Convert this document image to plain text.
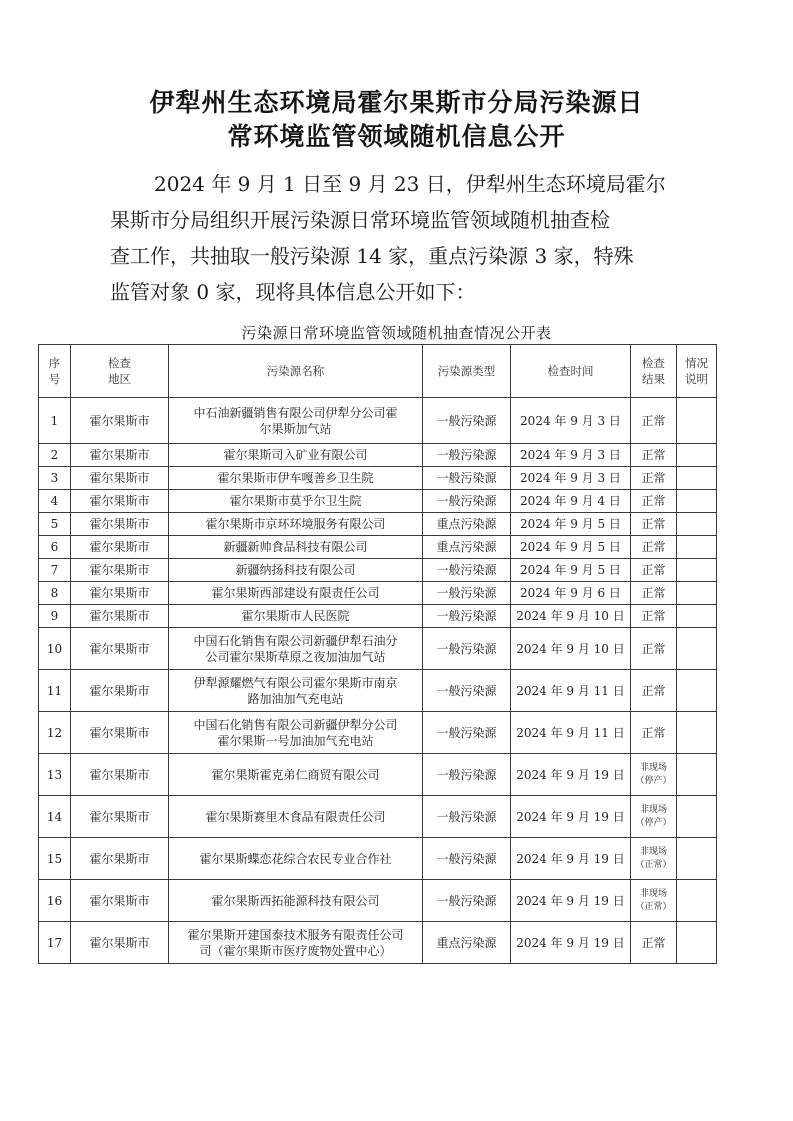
伊犁州生态环境局霍尔果斯市分局污染源日
常环境监管领域随机信息公开

2024 年 9 月 1 日至 9 月 23 日，伊犁州生态环境局霍尔
果斯市分局组织开展污染源日常环境监管领域随机抽查检
查工作，共抽取一般污染源 14 家，重点污染源 3 家，特殊
监管对象 0 家，现将具体信息公开如下：

污染源日常环境监管领域随机抽查情况公开表
序
号	检查
地区	污染源名称	污染源类型	检查时间	检查
结果	情况
说明

1	霍尔果斯市	中石油新疆销售有限公司伊犁分公司霍
尔果斯加气站	一般污染源	2024 年 9 月 3 日	正常	

2	霍尔果斯市	霍尔果斯司入矿业有限公司	一般污染源	2024 年 9 月 3 日	正常	

3	霍尔果斯市	霍尔果斯市伊车嘎善乡卫生院	一般污染源	2024 年 9 月 3 日	正常	

4	霍尔果斯市	霍尔果斯市莫乎尔卫生院	一般污染源	2024 年 9 月 4 日	正常	

5	霍尔果斯市	霍尔果斯市京环环境服务有限公司	重点污染源	2024 年 9 月 5 日	正常	

6	霍尔果斯市	新疆新帅食品科技有限公司	重点污染源	2024 年 9 月 5 日	正常	

7	霍尔果斯市	新疆纳扬科技有限公司	一般污染源	2024 年 9 月 5 日	正常	

8	霍尔果斯市	霍尔果斯西部建设有限责任公司	一般污染源	2024 年 9 月 6 日	正常	

9	霍尔果斯市	霍尔果斯市人民医院	一般污染源	2024 年 9 月 10 日	正常	

10	霍尔果斯市	中国石化销售有限公司新疆伊犁石油分
公司霍尔果斯草原之夜加油加气站	一般污染源	2024 年 9 月 10 日	正常	

11	霍尔果斯市	伊犁源耀燃气有限公司霍尔果斯市南京
路加油加气充电站	一般污染源	2024 年 9 月 11 日	正常	

12	霍尔果斯市	中国石化销售有限公司新疆伊犁分公司
霍尔果斯一号加油加气充电站	一般污染源	2024 年 9 月 11 日	正常	

13	霍尔果斯市	霍尔果斯霍克弟仁商贸有限公司	一般污染源	2024 年 9 月 19 日	非现场
（停产）	

14	霍尔果斯市	霍尔果斯赛里木食品有限责任公司	一般污染源	2024 年 9 月 19 日	非现场
（停产）	

15	霍尔果斯市	霍尔果斯蝶恋花综合农民专业合作社	一般污染源	2024 年 9 月 19 日	非现场
（正常）	

16	霍尔果斯市	霍尔果斯西拓能源科技有限公司	一般污染源	2024 年 9 月 19 日	非现场
（正常）	

17	霍尔果斯市	霍尔果斯开建国泰技术服务有限责任公司
司（霍尔果斯市医疗废物处置中心）	重点污染源	2024 年 9 月 19 日	正常	
